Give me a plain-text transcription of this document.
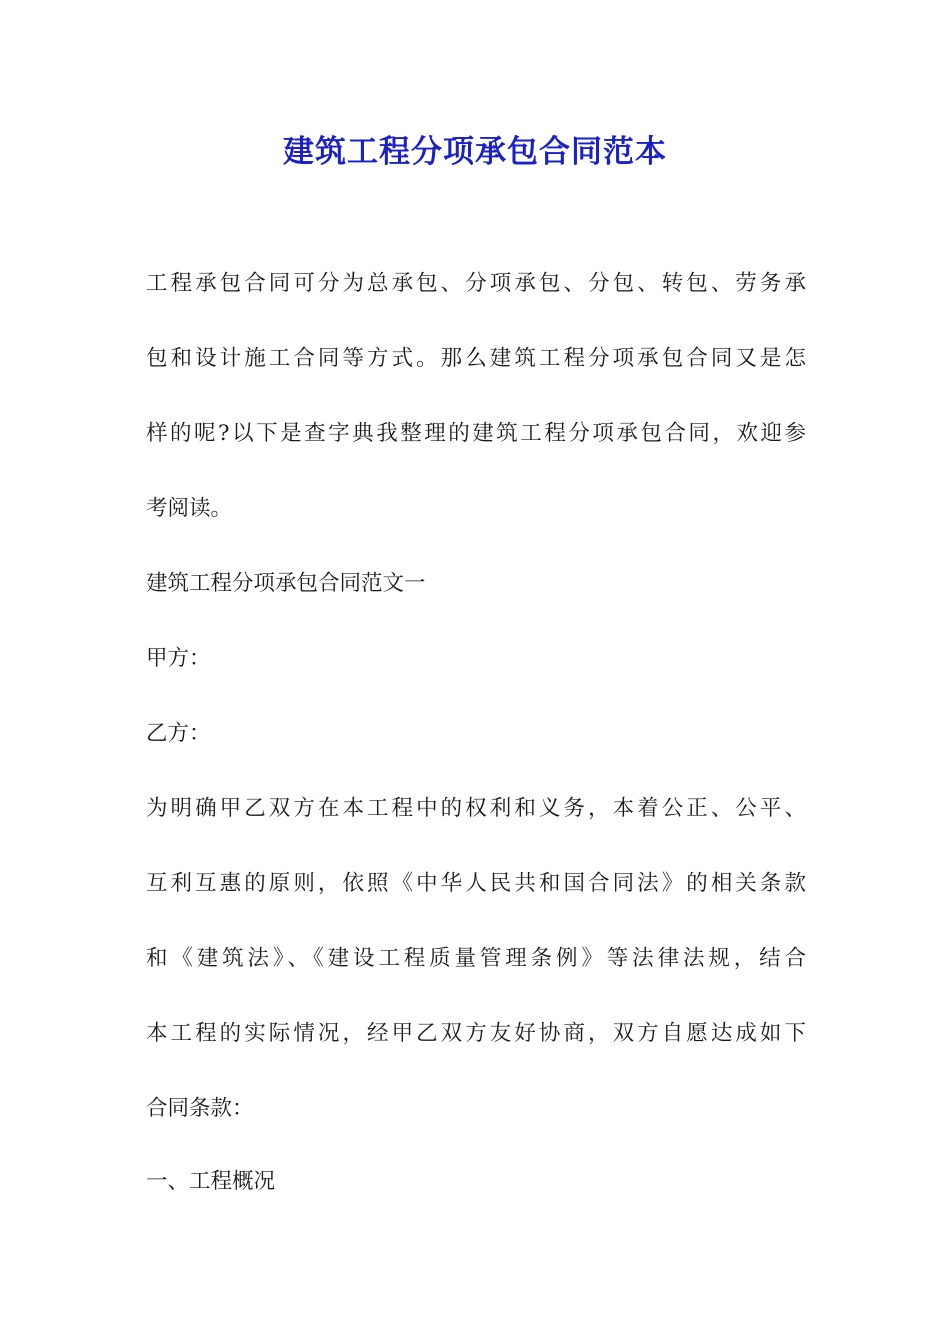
建筑工程分项承包合同范本

工程承包合同可分为总承包、分项承包、分包、转包、劳务承

包和设计施工合同等方式。那么建筑工程分项承包合同又是怎

样的呢?以下是查字典我整理的建筑工程分项承包合同，欢迎参

考阅读。

建筑工程分项承包合同范文一

甲方：

乙方：

为明确甲乙双方在本工程中的权利和义务，本着公正、公平、

互利互惠的原则，依照《中华人民共和国合同法》的相关条款

和《建筑法》、《建设工程质量管理条例》等法律法规，结合

本工程的实际情况，经甲乙双方友好协商，双方自愿达成如下

合同条款：

一、工程概况
